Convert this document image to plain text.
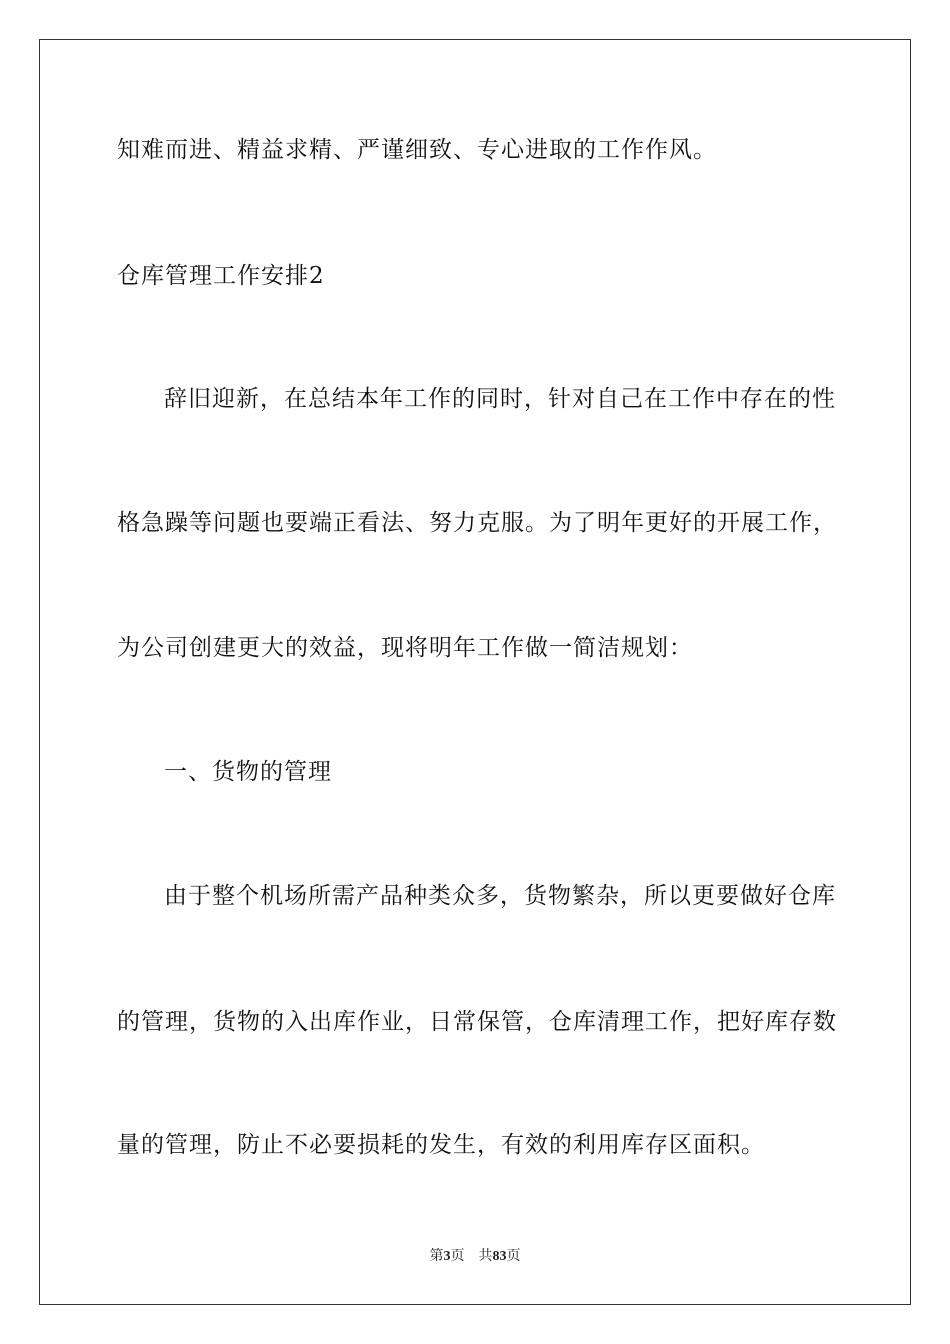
知难而进、精益求精、严谨细致、专心进取的工作作风。
仓库管理工作安排2
辞旧迎新，在总结本年工作的同时，针对自己在工作中存在的性
格急躁等问题也要端正看法、努力克服。为了明年更好的开展工作，
为公司创建更大的效益，现将明年工作做一简洁规划：
一、货物的管理
由于整个机场所需产品种类众多，货物繁杂，所以更要做好仓库
的管理，货物的入出库作业，日常保管，仓库清理工作，把好库存数
量的管理，防止不必要损耗的发生，有效的利用库存区面积。
第3页 共83页
